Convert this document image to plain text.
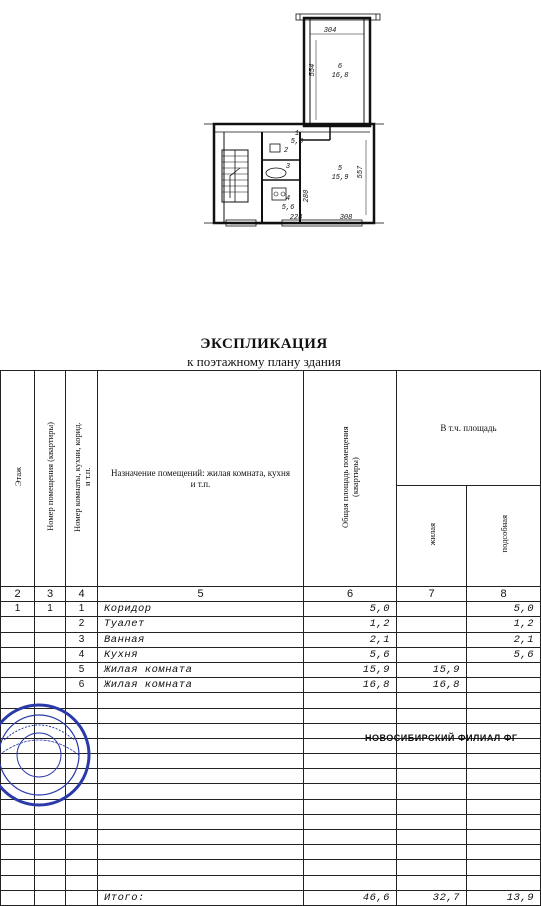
304
554
557
280
228	308
6
16,8
1
5,0
2
3	5
15,9
4
5,6
ЭКСПЛИКАЦИЯ
к поэтажному плану здания
Этаж	Номер помещения (квартиры)	Номер комнаты, кухни, корид. и т.п.	Назначение помещений: жилая комната, кухня и т.п.	Общая площадь помещения (квартиры)	В т.ч. площадь	
					жилая	подсобная
2	3	4	5	6	7	8
1	1	1	Коридор	5,0		5,0
		2	Туалет	1,2		1,2
		3	Ванная	2,1		2,1
		4	Кухня	5,6		5,6
		5	Жилая комната	15,9	15,9	
		6	Жилая комната	16,8	16,8	

			Итого:	46,6	32,7	13,9
НОВОСИБИРСКИЙ ФИЛИАЛ ФГ
